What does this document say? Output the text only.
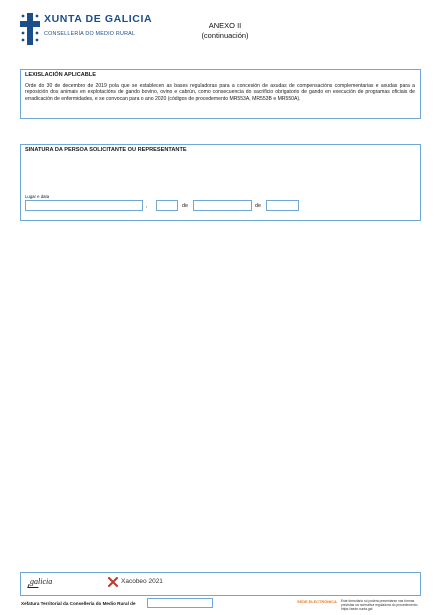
XUNTA DE GALICIA
CONSELLERÍA DO MEDIO RURAL
ANEXO II
(continuación)
LEXISLACIÓN APLICABLE
Orde do 30 de decembro de 2019 pola que se establecen as bases reguladoras para a concesión de axudas de compensacións complementarias e axudas para a reposición dos animais en explotacións de gando bovino, ovino e cabrún, como consecuencia do sacrificio obrigatorio de gando en execución de programas oficiais de erradicación de enfermidades, e se convocan para o ano 2020 (códigos de procedemento MR553A, MR553B e MR550A).
SINATURA DA PERSOA SOLICITANTE OU REPRESENTANTE
Lugar e data
,	de	de
galicia	Xacobeo 2021
Xefatura Territorial da Consellería do Medio Rural de	SEDE ELECTRÓNICA Este formulario só poderá presentarse nas formas previstas na normativa reguladora do procedemento https://sede.xunta.gal
